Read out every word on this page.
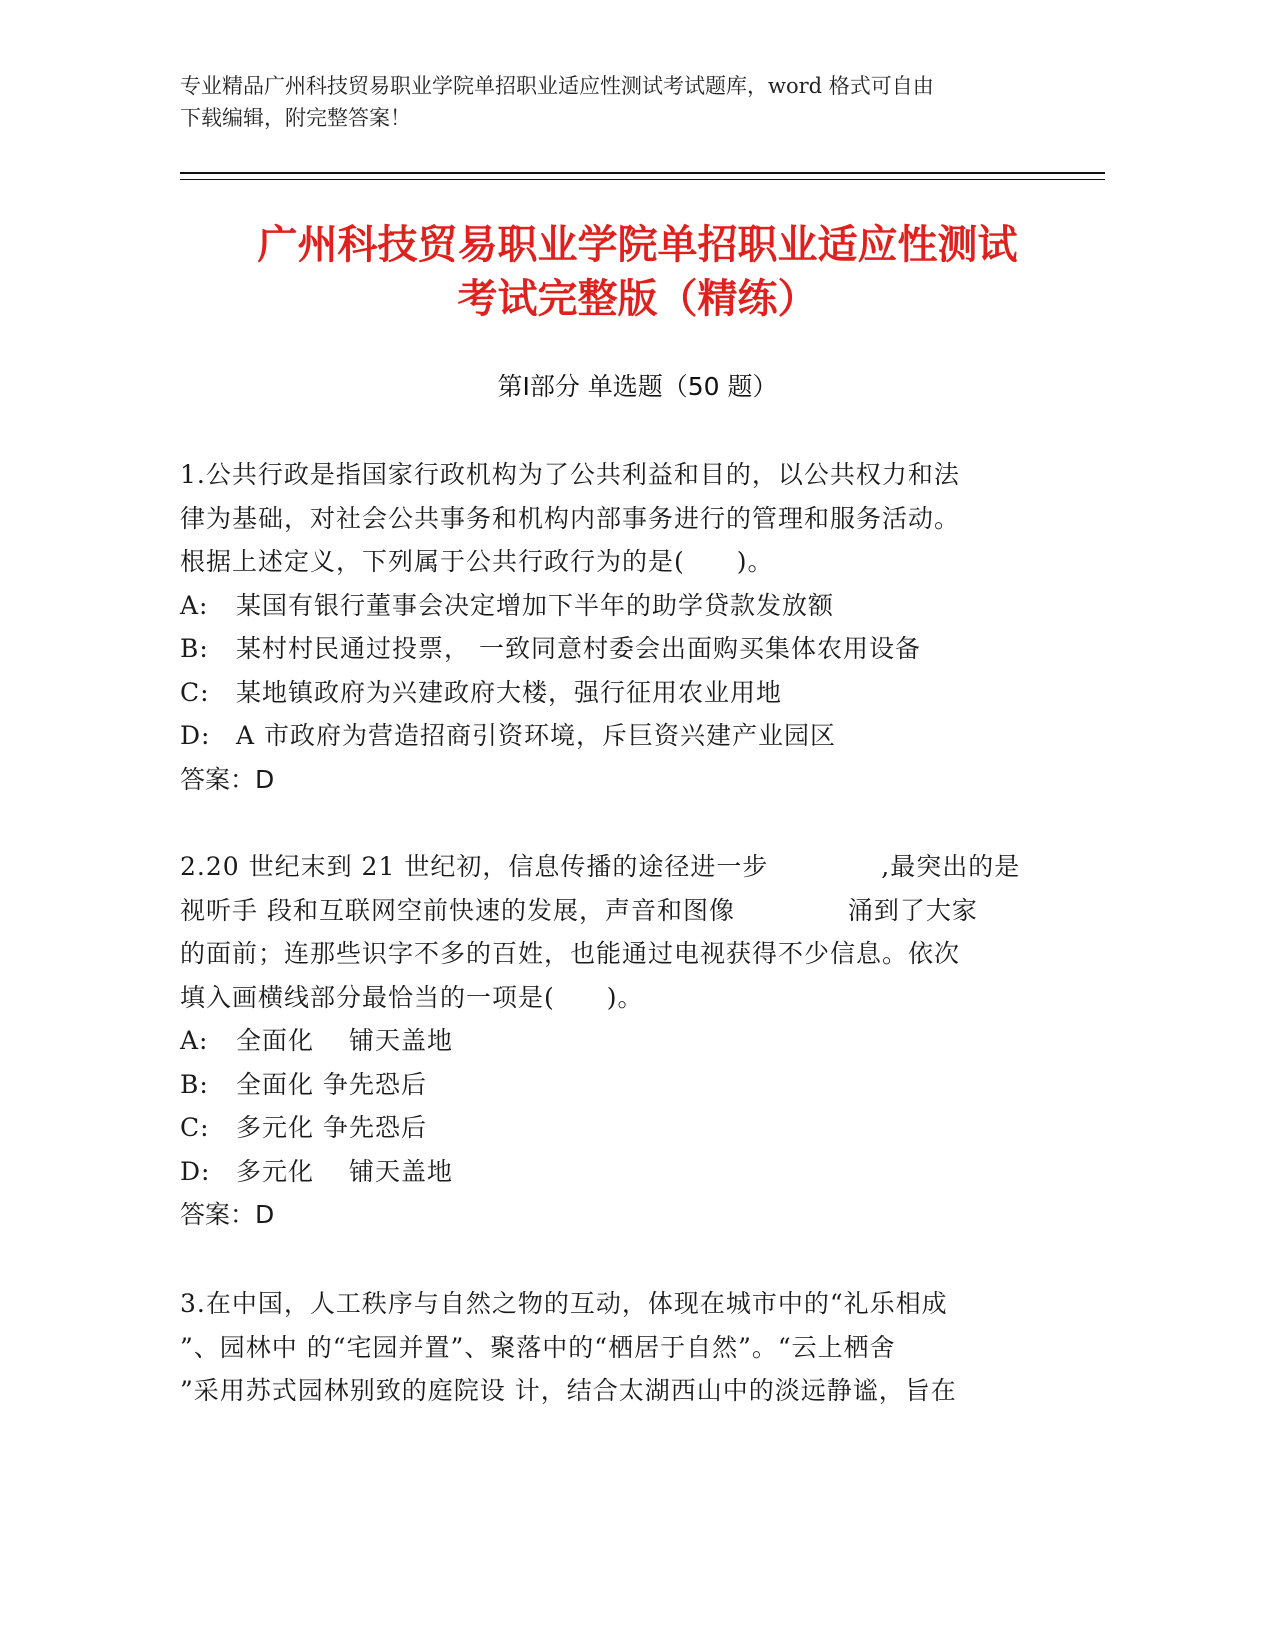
专业精品广州科技贸易职业学院单招职业适应性测试考试题库，word 格式可自由
下载编辑，附完整答案！
广州科技贸易职业学院单招职业适应性测试
考试完整版（精练）
第Ⅰ部分 单选题（50 题）
1.公共行政是指国家行政机构为了公共利益和目的，以公共权力和法
律为基础，对社会公共事务和机构内部事务进行的管理和服务活动。
根据上述定义，下列属于公共行政行为的是(　　)。
A: 某国有银行董事会决定增加下半年的助学贷款发放额
B: 某村村民通过投票， 一致同意村委会出面购买集体农用设备
C: 某地镇政府为兴建政府大楼，强行征用农业用地
D: A 市政府为营造招商引资环境，斥巨资兴建产业园区
答案：D
2.20 世纪末到 21 世纪初，信息传播的途径进一步　　　　 ,最突出的是
视听手 段和互联网空前快速的发展，声音和图像　　　　 涌到了大家
的面前；连那些识字不多的百姓，也能通过电视获得不少信息。依次
填入画横线部分最恰当的一项是(　　)。
A: 全面化　 铺天盖地
B: 全面化 争先恐后
C: 多元化 争先恐后
D: 多元化　 铺天盖地
答案：D
3.在中国，人工秩序与自然之物的互动，体现在城市中的“礼乐相成
”、园林中 的“宅园并置”、聚落中的“栖居于自然”。“云上栖舍
”采用苏式园林别致的庭院设 计，结合太湖西山中的淡远静谧，旨在
